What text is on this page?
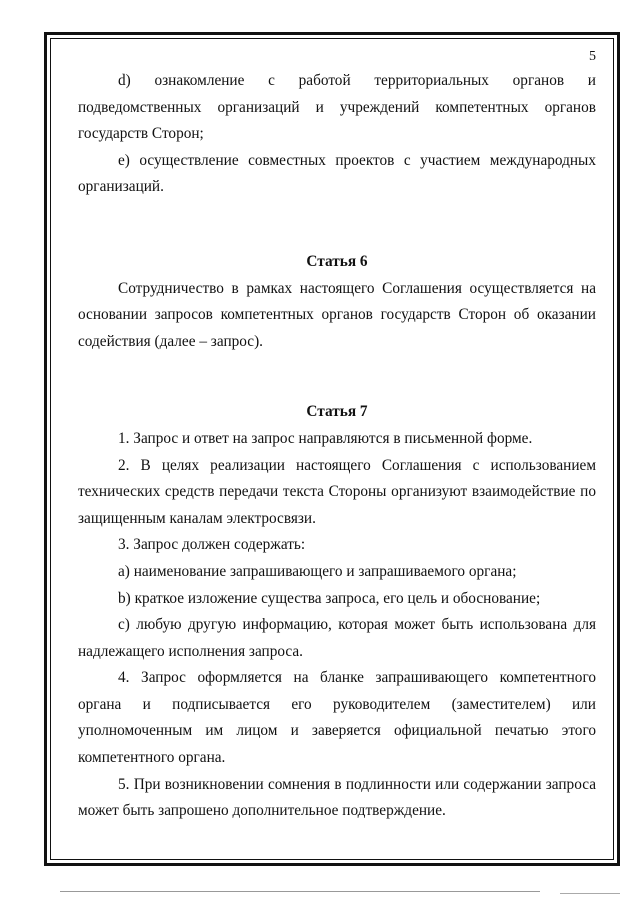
5

d) ознакомление с работой территориальных органов и подведомственных организаций и учреждений компетентных органов государств Сторон;

e) осуществление совместных проектов с участием международных организаций.

Статья 6

Сотрудничество в рамках настоящего Соглашения осуществляется на основании запросов компетентных органов государств Сторон об оказании содействия (далее – запрос).

Статья 7

1. Запрос и ответ на запрос направляются в письменной форме.

2. В целях реализации настоящего Соглашения с использованием технических средств передачи текста Стороны организуют взаимодействие по защищенным каналам электросвязи.

3. Запрос должен содержать:

a) наименование запрашивающего и запрашиваемого органа;

b) краткое изложение существа запроса, его цель и обоснование;

c) любую другую информацию, которая может быть использована для надлежащего исполнения запроса.

4. Запрос оформляется на бланке запрашивающего компетентного органа и подписывается его руководителем (заместителем) или уполномоченным им лицом и заверяется официальной печатью этого компетентного органа.

5. При возникновении сомнения в подлинности или содержании запроса может быть запрошено дополнительное подтверждение.
